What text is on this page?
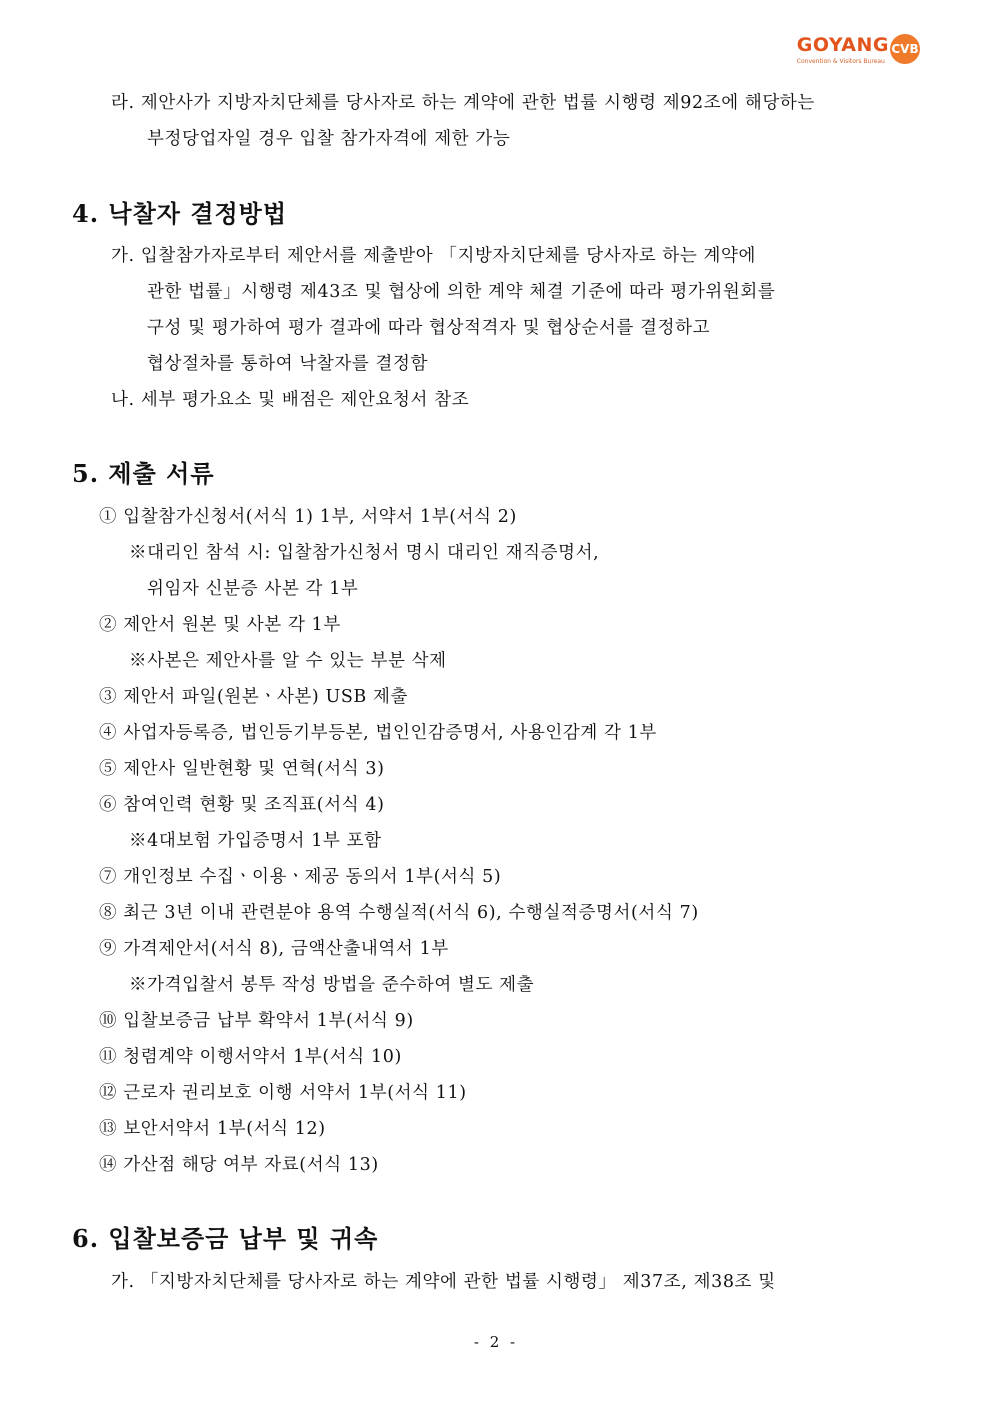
GOYANG
Convention & Visitors Bureau
CVB
라. 제안사가 지방자치단체를 당사자로 하는 계약에 관한 법률 시행령 제92조에 해당하는
부정당업자일 경우 입찰 참가자격에 제한 가능
4. 낙찰자 결정방법
가. 입찰참가자로부터 제안서를 제출받아 「지방자치단체를 당사자로 하는 계약에
관한 법률」시행령 제43조 및 협상에 의한 계약 체결 기준에 따라 평가위원회를
구성 및 평가하여 평가 결과에 따라 협상적격자 및 협상순서를 결정하고
협상절차를 통하여 낙찰자를 결정함
나. 세부 평가요소 및 배점은 제안요청서 참조
5. 제출 서류
① 입찰참가신청서(서식 1) 1부, 서약서 1부(서식 2)
※대리인 참석 시: 입찰참가신청서 명시 대리인 재직증명서,
위임자 신분증 사본 각 1부
② 제안서 원본 및 사본 각 1부
※사본은 제안사를 알 수 있는 부분 삭제
③ 제안서 파일(원본ㆍ사본) USB 제출
④ 사업자등록증, 법인등기부등본, 법인인감증명서, 사용인감계 각 1부
⑤ 제안사 일반현황 및 연혁(서식 3)
⑥ 참여인력 현황 및 조직표(서식 4)
※4대보험 가입증명서 1부 포함
⑦ 개인정보 수집ㆍ이용ㆍ제공 동의서 1부(서식 5)
⑧ 최근 3년 이내 관련분야 용역 수행실적(서식 6), 수행실적증명서(서식 7)
⑨ 가격제안서(서식 8), 금액산출내역서 1부
※가격입찰서 봉투 작성 방법을 준수하여 별도 제출
⑩ 입찰보증금 납부 확약서 1부(서식 9)
⑪ 청렴계약 이행서약서 1부(서식 10)
⑫ 근로자 권리보호 이행 서약서 1부(서식 11)
⑬ 보안서약서 1부(서식 12)
⑭ 가산점 해당 여부 자료(서식 13)
6. 입찰보증금 납부 및 귀속
가. 「지방자치단체를 당사자로 하는 계약에 관한 법률 시행령」 제37조, 제38조 및
- 2 -
